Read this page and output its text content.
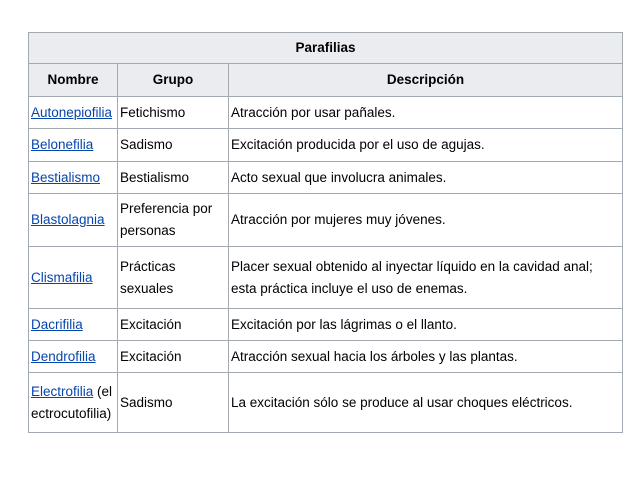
Parafilias		
Nombre	Grupo	Descripción
Autonepiofilia	Fetichismo	Atracción por usar pañales.
Belonefilia	Sadismo	Excitación producida por el uso de agujas.
Bestialismo	Bestialismo	Acto sexual que involucra animales.
Blastolagnia	Preferencia por personas	Atracción por mujeres muy jóvenes.
Clismafilia	Prácticas sexuales	Placer sexual obtenido al inyectar líquido en la cavidad anal; esta práctica incluye el uso de enemas.
Dacrifilia	Excitación	Excitación por las lágrimas o el llanto.
Dendrofilia	Excitación	Atracción sexual hacia los árboles y las plantas.
Electrofilia (el ectrocutofilia)	Sadismo	La excitación sólo se produce al usar choques eléctricos.
